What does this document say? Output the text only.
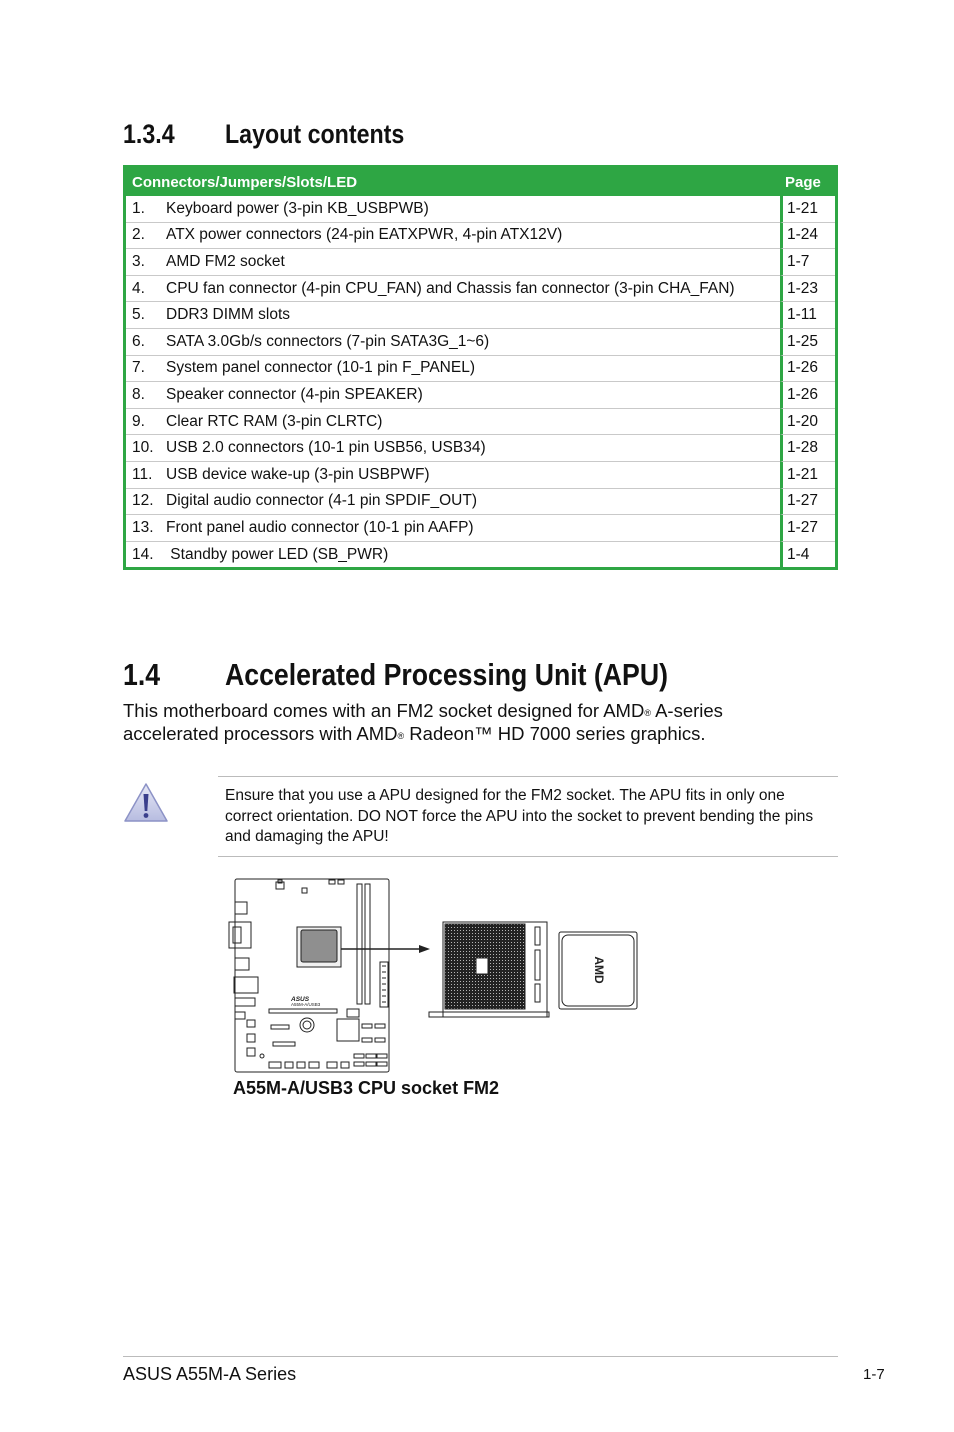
1.3.4 Layout contents
Connectors/Jumpers/Slots/LED	Page
1. Keyboard power (3-pin KB_USBPWB)	1-21
2. ATX power connectors (24-pin EATXPWR, 4-pin ATX12V)	1-24
3. AMD FM2 socket	1-7
4. CPU fan connector (4-pin CPU_FAN) and Chassis fan connector (3-pin CHA_FAN)	1-23
5. DDR3 DIMM slots	1-11
6. SATA 3.0Gb/s connectors (7-pin SATA3G_1~6)	1-25
7. System panel connector (10-1 pin F_PANEL)	1-26
8. Speaker connector (4-pin SPEAKER)	1-26
9. Clear RTC RAM (3-pin CLRTC)	1-20
10. USB 2.0 connectors (10-1 pin USB56, USB34)	1-28
11. USB device wake-up (3-pin USBPWF)	1-21
12. Digital audio connector (4-1 pin SPDIF_OUT)	1-27
13. Front panel audio connector (10-1 pin AAFP)	1-27
14. Standby power LED (SB_PWR)	1-4
1.4 Accelerated Processing Unit (APU)
This motherboard comes with an FM2 socket designed for AMD® A-series accelerated processors with AMD® Radeon™ HD 7000 series graphics.
Ensure that you use a APU designed for the FM2 socket. The APU fits in only one correct orientation. DO NOT force the APU into the socket to prevent bending the pins and damaging the APU!
ASUS
A55M-A/USB3
AMD
A55M-A/USB3 CPU socket FM2
ASUS A55M-A Series	1-7
